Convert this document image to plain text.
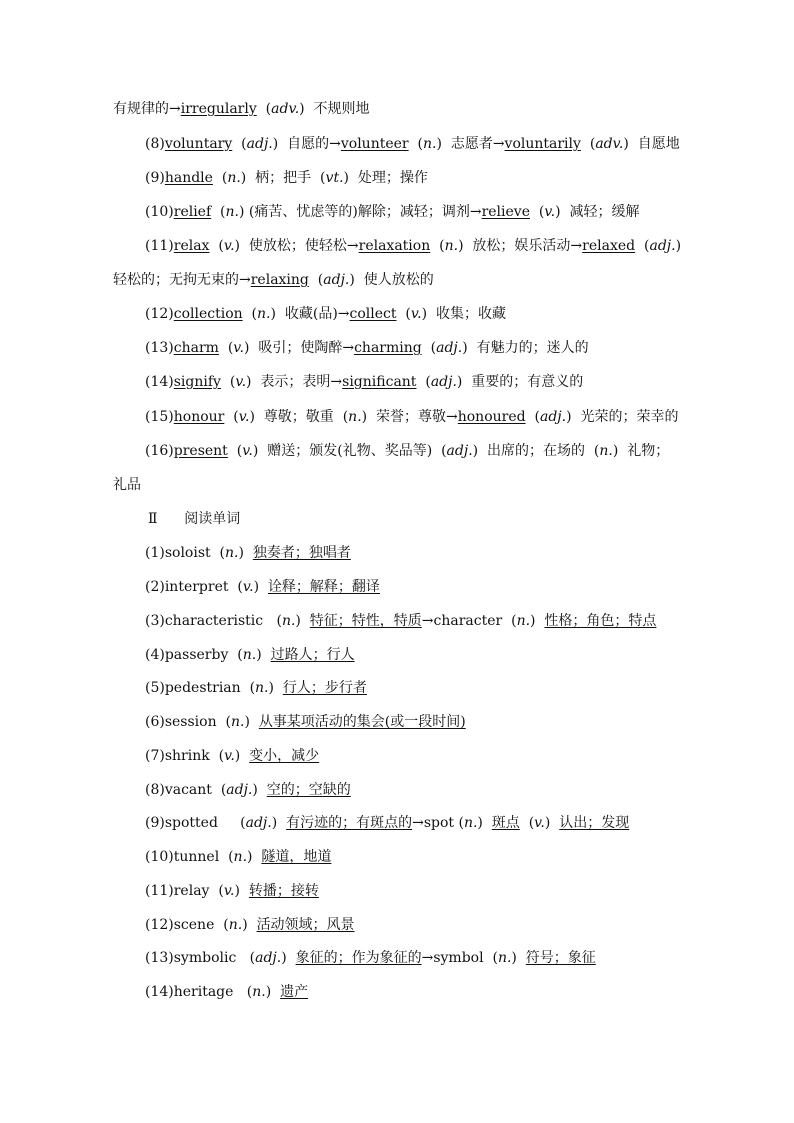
有规律的→irregularly  (adv.)  不规则地
(8)voluntary  (adj.)  自愿的→volunteer  (n.)  志愿者→voluntarily  (adv.)  自愿地
(9)handle  (n.)  柄；把手  (vt.)  处理；操作
(10)relief  (n.) (痛苦、忧虑等的)解除；减轻；调剂→relieve  (v.)  减轻；缓解
(11)relax  (v.)  使放松；使轻松→relaxation  (n.)  放松；娱乐活动→relaxed  (adj.)
轻松的；无拘无束的→relaxing  (adj.)  使人放松的
(12)collection  (n.)  收藏(品)→collect  (v.)  收集；收藏
(13)charm  (v.)  吸引；使陶醉→charming  (adj.)  有魅力的；迷人的
(14)signify  (v.)  表示；表明→significant  (adj.)  重要的；有意义的
(15)honour  (v.)  尊敬；敬重  (n.)  荣誉；尊敬→honoured  (adj.)  光荣的；荣幸的
(16)present  (v.)  赠送；颁发(礼物、奖品等)  (adj.)  出席的；在场的  (n.)  礼物；
礼品
Ⅱ      阅读单词
(1)soloist  (n.)  独奏者；独唱者
(2)interpret  (v.)  诠释；解释；翻译
(3)characteristic   (n.)  特征；特性，特质→character  (n.)  性格；角色；特点
(4)passerby  (n.)  过路人；行人
(5)pedestrian  (n.)  行人；步行者
(6)session  (n.)  从事某项活动的集会(或一段时间)
(7)shrink  (v.)  变小，减少
(8)vacant  (adj.)  空的；空缺的
(9)spotted     (adj.)  有污迹的；有斑点的→spot (n.)  斑点  (v.)  认出；发现
(10)tunnel  (n.)  隧道，地道
(11)relay  (v.)  转播；接转
(12)scene  (n.)  活动领域；风景
(13)symbolic   (adj.)  象征的；作为象征的→symbol  (n.)  符号；象征
(14)heritage   (n.)  遗产
